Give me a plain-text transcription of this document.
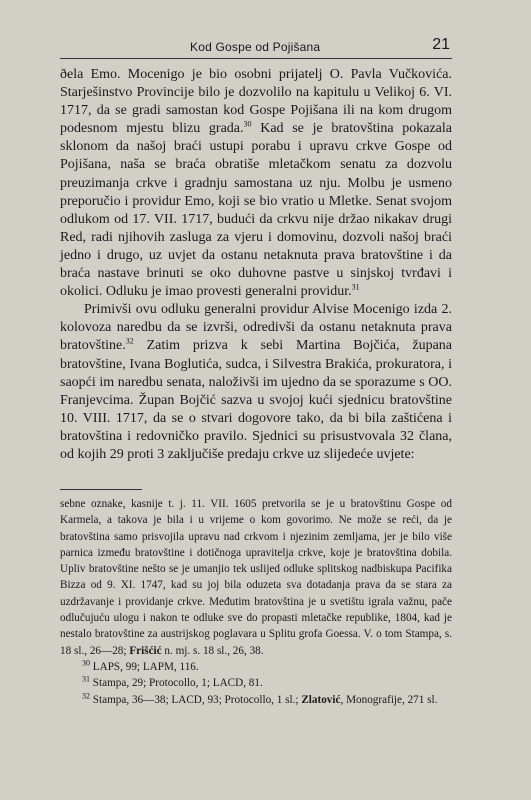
Kod Gospe od Pojišana	21

ðela Emo. Mocenigo je bio osobni prijatelj O. Pavla Vučkovića. Starješinstvo Provincije bilo je dozvolilo na kapitulu u Velikoj 6. VI. 1717, da se gradi samostan kod Gospe Pojišana ili na kom drugom podesnom mjestu blizu grada.$^{30}$ Kad se je bratovština pokazala sklonom da našoj braći ustupi porabu i upravu crkve Gospe od Pojišana, naša se braća obratiše mletačkom senatu za dozvolu preuzimanja crkve i gradnju samostana uz nju. Molbu je usmeno preporučio i providur Emo, koji se bio vratio u Mletke. Senat svojom odlukom od 17. VII. 1717, budući da crkvu nije držao nikakav drugi Red, radi njihovih zasluga za vjeru i domovinu, dozvoli našoj braći jedno i drugo, uz uvjet da ostanu netaknuta prava bratovštine i da braća nastave brinuti se oko duhovne pastve u sinjskoj tvrđavi i okolici. Odluku je imao provesti generalni providur.$^{31}$

Primivši ovu odluku generalni providur Alvise Mocenigo izda 2. kolovoza naredbu da se izvrši, odredivši da ostanu netaknuta prava bratovštine.$^{32}$ Zatim prizva k sebi Martina Bojčića, župana bratovštine, Ivana Boglutića, sudca, i Silvestra Brakića, prokuratora, i saopći im naredbu senata, naloživši im ujedno da se sporazume s OO. Franjevcima. Župan Bojčić sazva u svojoj kući sjednicu bratovštine 10. VIII. 1717, da se o stvari dogovore tako, da bi bila zaštićena i bratovština i redovničko pravilo. Sjednici su prisustvovala 32 člana, od kojih 29 proti 3 zaključiše predaju crkve uz slijedeće uvjete:

sebne oznake, kasnije t. j. 11. VII. 1605 pretvorila se je u bratovštinu Gospe od Karmela, a takova je bila i u vrijeme o kom govorimo. Ne može se reći, da je bratovština samo prisvojila upravu nad crkvom i njezinim zemljama, jer je bilo više parnica između bratovštine i dotičnoga upravitelja crkve, koje je bratovština dobila. Upliv bratovštine nešto se je umanjio tek uslijed odluke splitskog nadbiskupa Pacifika Bizza od 9. XI. 1747, kad su joj bila oduzeta sva dotadanja prava da se stara za uzdržavanje i providanje crkve. Međutim bratovština je u svetištu igrala važnu, pače odlučujuću ulogu i nakon te odluke sve do propasti mletačke republike, 1804, kad je nestalo bratovštine za austrijskog poglavara u Splitu grofa Goessa. V. o tom Stampa, s. 18 sl., 26—28; Frišćić n. mj. s. 18 sl., 26, 38.

$^{30}$ LAPS, 99; LAPM, 116.

$^{31}$ Stampa, 29; Protocollo, 1; LACD, 81.

$^{32}$ Stampa, 36—38; LACD, 93; Protocollo, 1 sl.; Zlatović, Monografije, 271 sl.
